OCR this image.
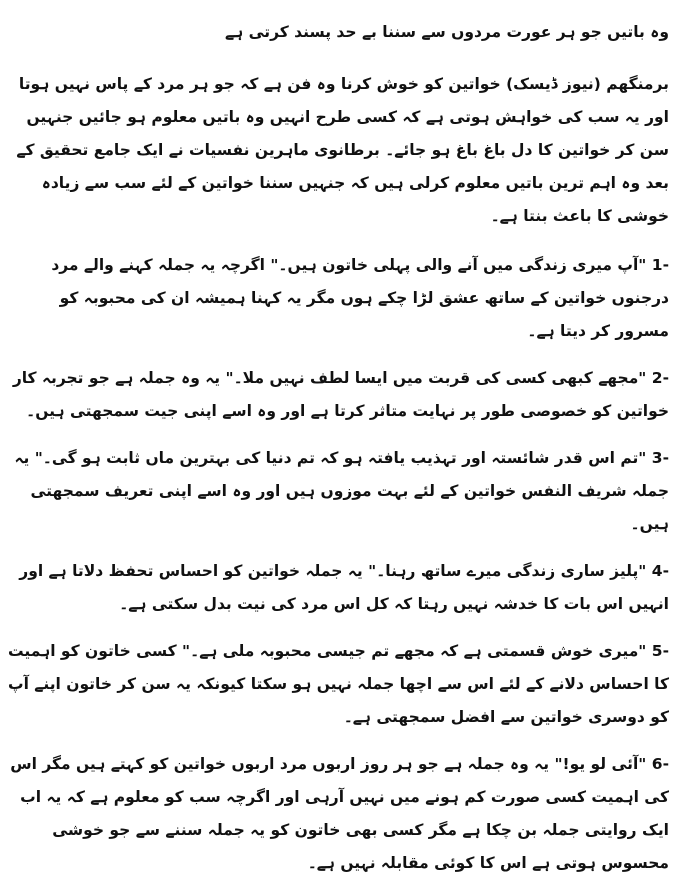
وہ باتیں جو ہر عورت مردوں سے سننا بے حد پسند کرتی ہے
برمنگھم (نیوز ڈیسک) خواتین کو خوش کرنا وہ فن ہے کہ جو ہر مرد کے پاس نہیں ہوتا اور یہ سب کی خواہش ہوتی ہے کہ کسی طرح انہیں وہ باتیں معلوم ہو جائیں جنہیں سن کر خواتین کا دل باغ باغ ہو جائے۔ برطانوی ماہرین نفسیات نے ایک جامع تحقیق کے بعد وہ اہم ترین باتیں معلوم کرلی ہیں کہ جنہیں سننا خواتین کے لئے سب سے زیادہ خوشی کا باعث بنتا ہے۔
-1 "آپ میری زندگی میں آنے والی پہلی خاتون ہیں۔" اگرچہ یہ جملہ کہنے والے مرد درجنوں خواتین کے ساتھ عشق لڑا چکے ہوں مگر یہ کہنا ہمیشہ ان کی محبوبہ کو مسرور کر دیتا ہے۔
-2 "مجھے کبھی کسی کی قربت میں ایسا لطف نہیں ملا۔" یہ وہ جملہ ہے جو تجربہ کار خواتین کو خصوصی طور پر نہایت متاثر کرتا ہے اور وہ اسے اپنی جیت سمجھتی ہیں۔
-3 "تم اس قدر شائستہ اور تہذیب یافتہ ہو کہ تم دنیا کی بہترین ماں ثابت ہو گی۔" یہ جملہ شریف النفس خواتین کے لئے بہت موزوں ہیں اور وہ اسے اپنی تعریف سمجھتی ہیں۔
-4 "پلیز ساری زندگی میرے ساتھ رہنا۔" یہ جملہ خواتین کو احساس تحفظ دلاتا ہے اور انہیں اس بات کا خدشہ نہیں رہتا کہ کل اس مرد کی نیت بدل سکتی ہے۔
-5 "میری خوش قسمتی ہے کہ مجھے تم جیسی محبوبہ ملی ہے۔" کسی خاتون کو اہمیت کا احساس دلانے کے لئے اس سے اچھا جملہ نہیں ہو سکتا کیونکہ یہ سن کر خاتون اپنے آپ کو دوسری خواتین سے افضل سمجھتی ہے۔
-6 "آئی لو یو!" یہ وہ جملہ ہے جو ہر روز اربوں مرد اربوں خواتین کو کہتے ہیں مگر اس کی اہمیت کسی صورت کم ہونے میں نہیں آرہی اور اگرچہ سب کو معلوم ہے کہ یہ اب ایک روایتی جملہ بن چکا ہے مگر کسی بھی خاتون کو یہ جملہ سننے سے جو خوشی محسوس ہوتی ہے اس کا کوئی مقابلہ نہیں ہے۔
